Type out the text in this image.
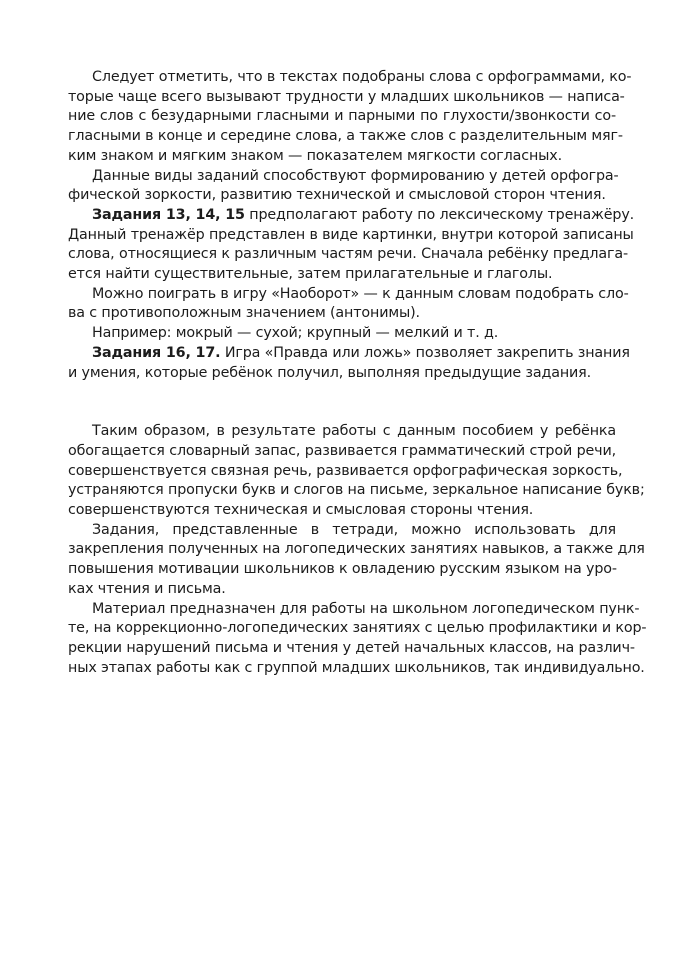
Следует отметить, что в текстах подобраны слова с орфограммами, ко-
торые чаще всего вызывают трудности у младших школьников — написа-
ние слов с безударными гласными и парными по глухости/звонкости со-
гласными в конце и середине слова, а также слов с разделительным мяг-
ким знаком и мягким знаком — показателем мягкости согласных.
Данные виды заданий способствуют формированию у детей орфогра-
фической зоркости, развитию технической и смысловой сторон чтения.
Задания 13, 14, 15 предполагают работу по лексическому тренажёру.
Данный тренажёр представлен в виде картинки, внутри которой записаны
слова, относящиеся к различным частям речи. Сначала ребёнку предлага-
ется найти существительные, затем прилагательные и глаголы.
Можно поиграть в игру «Наоборот» — к данным словам подобрать сло-
ва с противоположным значением (антонимы).
Например: мокрый — сухой; крупный — мелкий и т. д.
Задания 16, 17. Игра «Правда или ложь» позволяет закрепить знания
и умения, которые ребёнок получил, выполняя предыдущие задания.
Таким образом, в результате работы с данным пособием у ребёнка
обогащается словарный запас, развивается грамматический строй речи,
совершенствуется связная речь, развивается орфографическая зоркость,
устраняются пропуски букв и слогов на письме, зеркальное написание букв;
совершенствуются техническая и смысловая стороны чтения.
Задания, представленные в тетради, можно использовать для
закрепления полученных на логопедических занятиях навыков, а также для
повышения мотивации школьников к овладению русским языком на уро-
ках чтения и письма.
Материал предназначен для работы на школьном логопедическом пунк-
те, на коррекционно-логопедических занятиях с целью профилактики и кор-
рекции нарушений письма и чтения у детей начальных классов, на различ-
ных этапах работы как с группой младших школьников, так индивидуально.
